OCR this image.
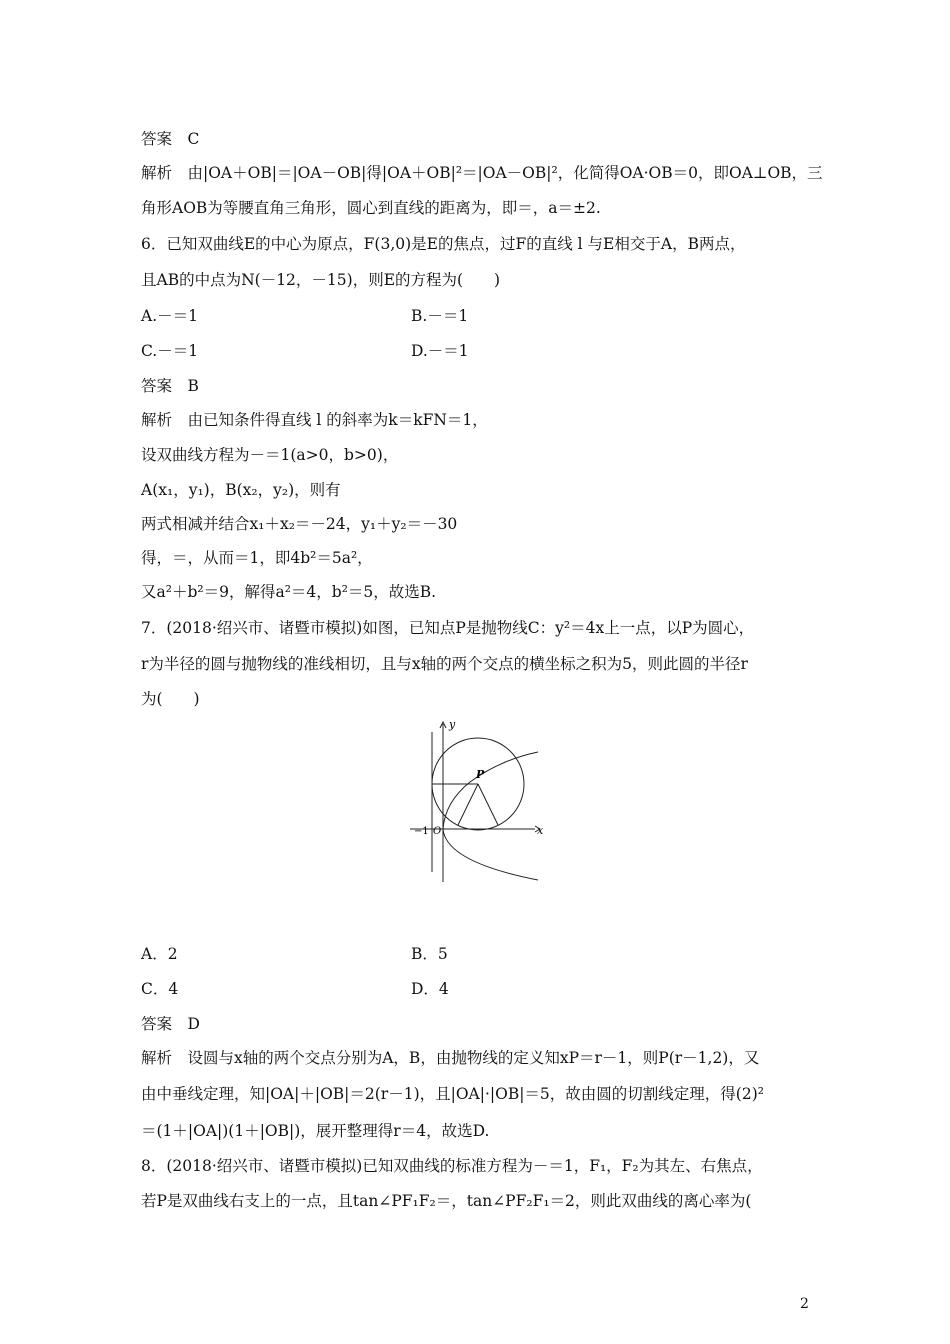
答案　C
解析　由|OA＋OB|＝|OA－OB|得|OA＋OB|²＝|OA－OB|²，化简得OA·OB＝0，即OA⊥OB，三
角形AOB为等腰直角三角形，圆心到直线的距离为，即＝，a＝±2.
6．已知双曲线E的中心为原点，F(3,0)是E的焦点，过F的直线 l 与E相交于A，B两点，
且AB的中点为N(－12，－15)，则E的方程为(　　)
A.－＝1	B.－＝1
C.－＝1	D.－＝1
答案　B
解析　由已知条件得直线 l 的斜率为k＝kFN＝1，
设双曲线方程为－＝1(a>0，b>0)，
A(x₁，y₁)，B(x₂，y₂)，则有
两式相减并结合x₁＋x₂＝－24，y₁＋y₂＝－30
得，＝，从而＝1，即4b²＝5a²，
又a²＋b²＝9，解得a²＝4，b²＝5，故选B.
7．(2018·绍兴市、诸暨市模拟)如图，已知点P是抛物线C：y²＝4x上一点，以P为圆心，
r为半径的圆与抛物线的准线相切，且与x轴的两个交点的横坐标之积为5，则此圆的半径r
为(　　)
y
x
P
O
−1
A．2	B．5
C．4	D．4
答案　D
解析　设圆与x轴的两个交点分别为A，B，由抛物线的定义知xP＝r－1，则P(r－1,2)，又
由中垂线定理，知|OA|＋|OB|＝2(r－1)，且|OA|·|OB|＝5，故由圆的切割线定理，得(2)²
＝(1＋|OA|)(1＋|OB|)，展开整理得r＝4，故选D.
8．(2018·绍兴市、诸暨市模拟)已知双曲线的标准方程为－＝1，F₁，F₂为其左、右焦点，
若P是双曲线右支上的一点，且tan∠PF₁F₂＝，tan∠PF₂F₁＝2，则此双曲线的离心率为(
2
